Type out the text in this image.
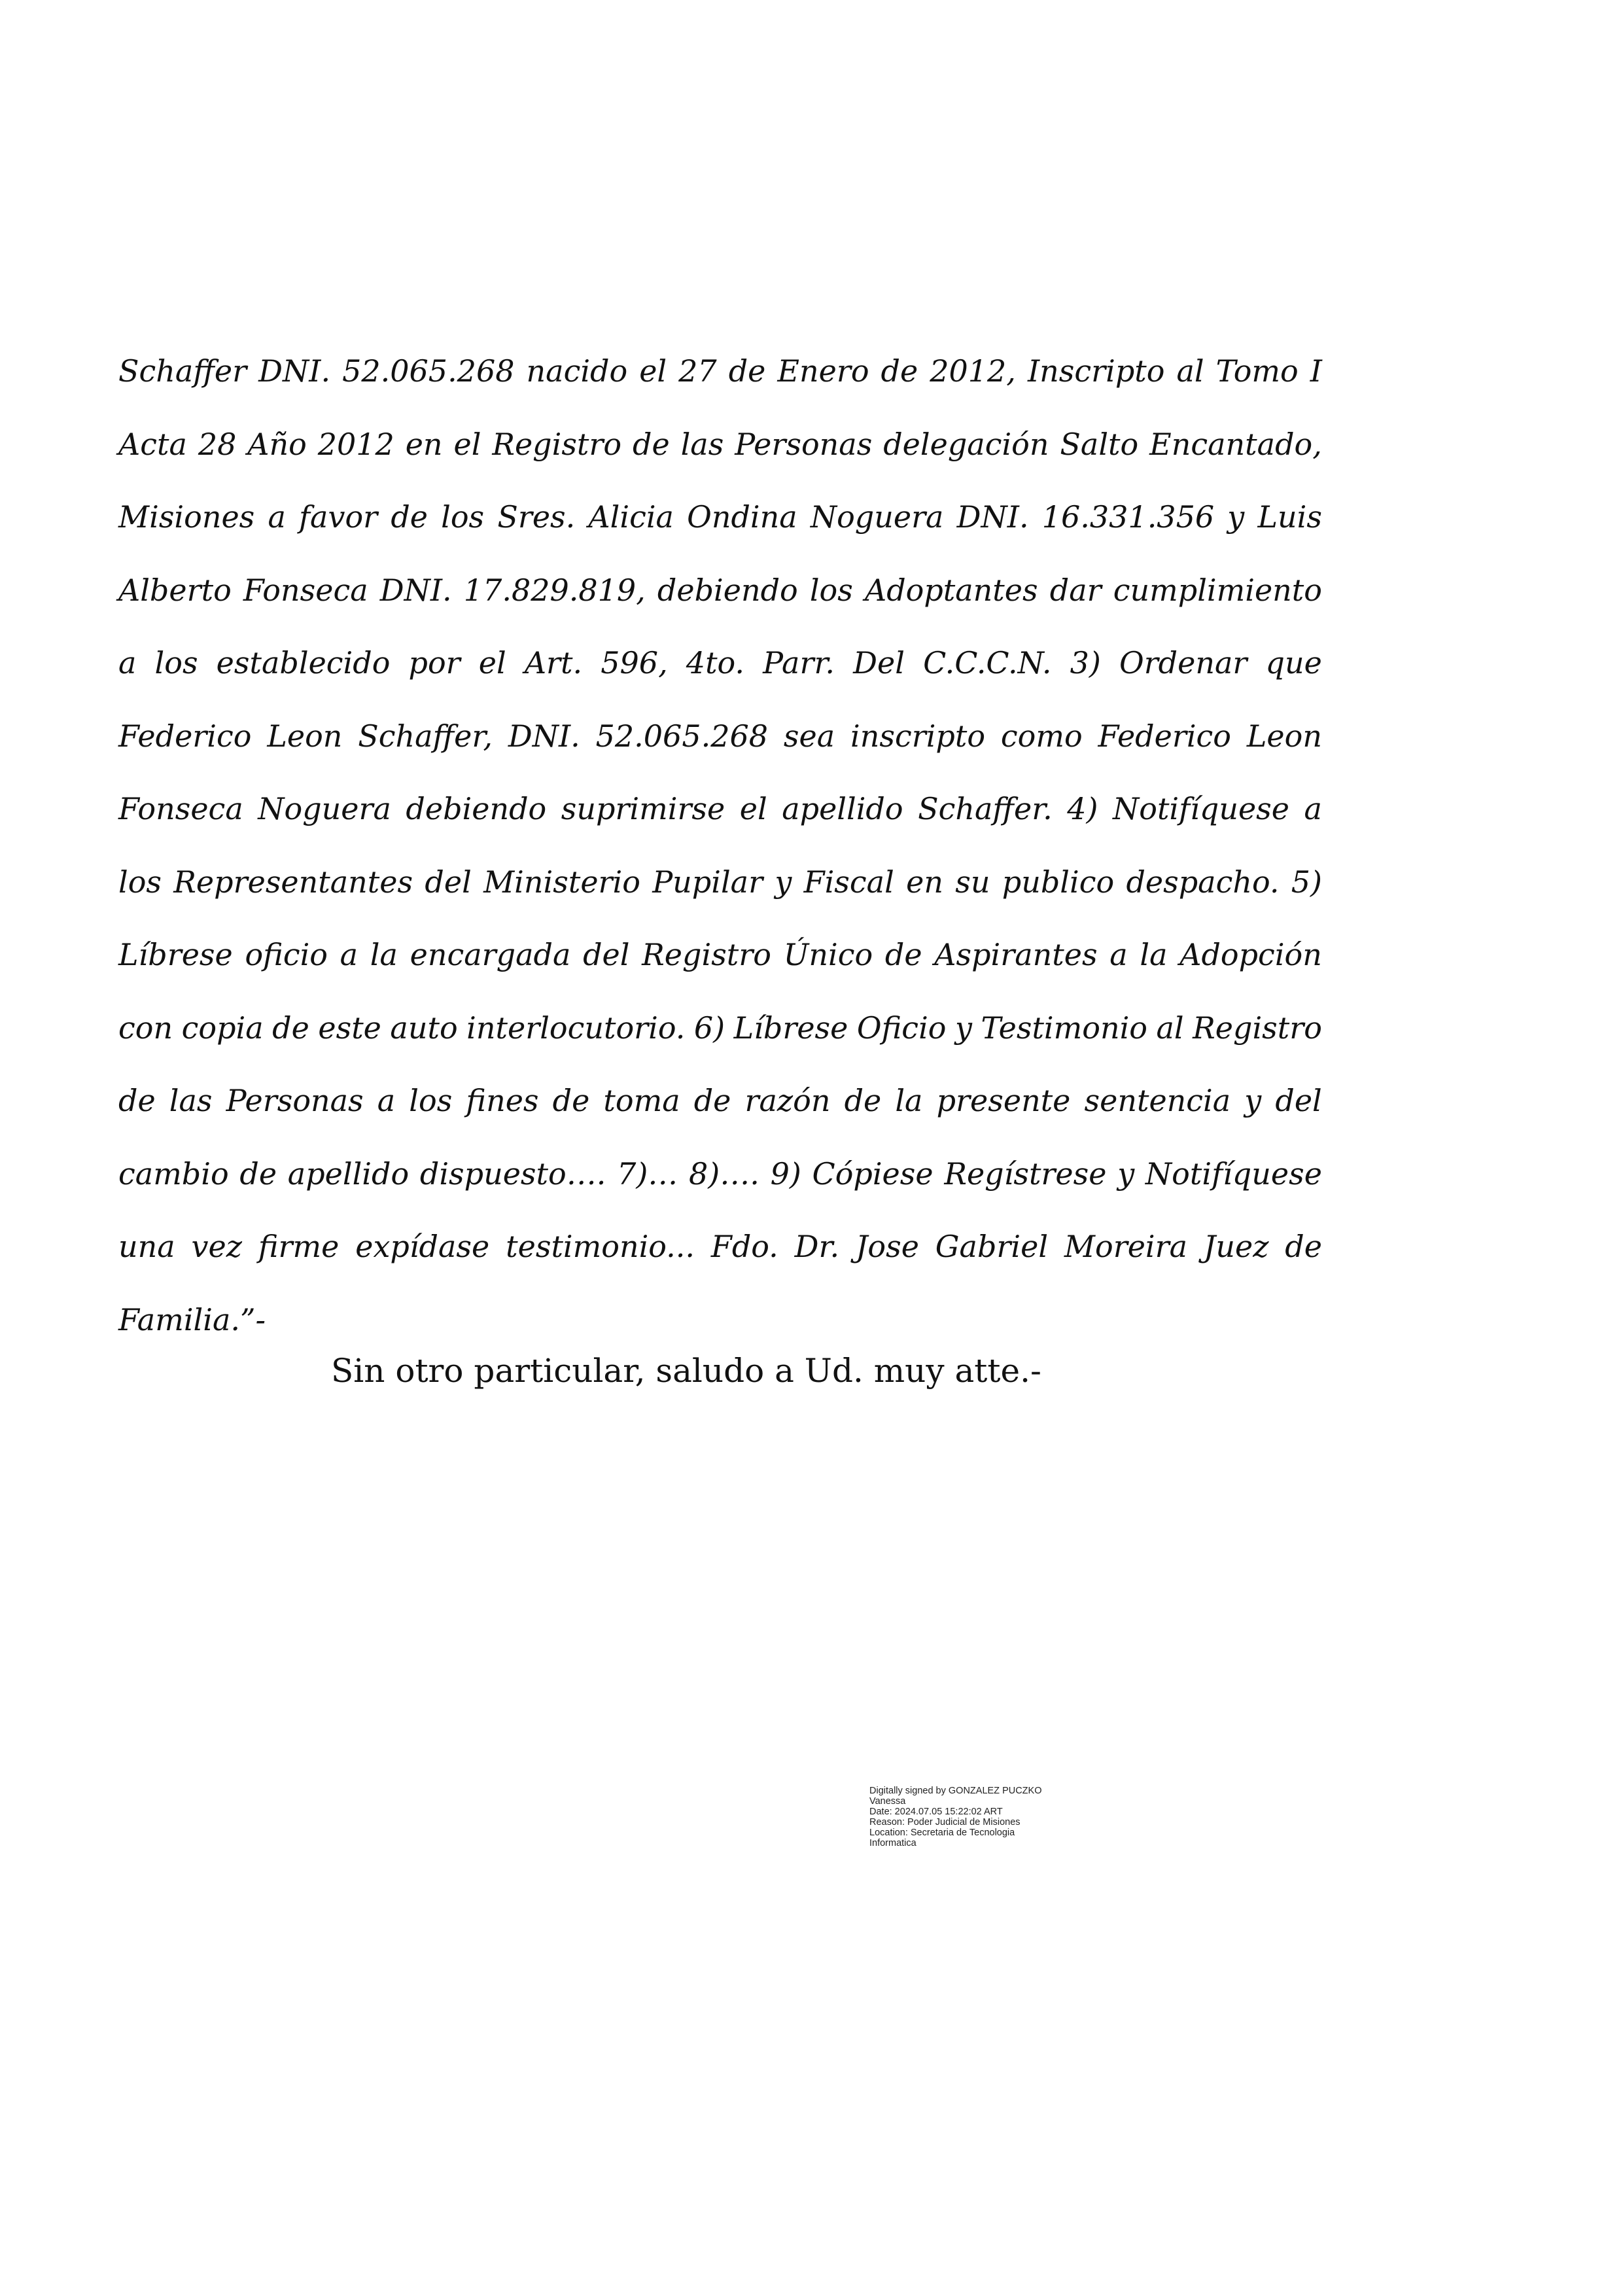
Schaffer DNI. 52.065.268 nacido el 27 de Enero de 2012, Inscripto al Tomo I
Acta 28 Año 2012 en el Registro de las Personas delegación Salto Encantado,
Misiones a favor de los Sres. Alicia Ondina Noguera DNI. 16.331.356 y Luis
Alberto Fonseca DNI. 17.829.819, debiendo los Adoptantes dar cumplimiento
a los establecido por el Art. 596, 4to. Parr. Del C.C.C.N. 3) Ordenar que
Federico Leon Schaffer, DNI. 52.065.268 sea inscripto como Federico Leon
Fonseca Noguera debiendo suprimirse el apellido Schaffer. 4) Notifíquese a
los Representantes del Ministerio Pupilar y Fiscal en su publico despacho. 5)
Líbrese oficio a la encargada del Registro Único de Aspirantes a la Adopción
con copia de este auto interlocutorio. 6) Líbrese Oficio y Testimonio al Registro
de las Personas a los fines de toma de razón de la presente sentencia y del
cambio de apellido dispuesto…. 7)… 8)…. 9) Cópiese Regístrese y Notifíquese
una vez firme expídase testimonio... Fdo. Dr. Jose Gabriel Moreira Juez de
Familia.”-
Sin otro particular, saludo a Ud. muy atte.-
Digitally signed by GONZALEZ PUCZKO
Vanessa
Date: 2024.07.05 15:22:02 ART
Reason: Poder Judicial de Misiones
Location: Secretaria de Tecnologia
Informatica
